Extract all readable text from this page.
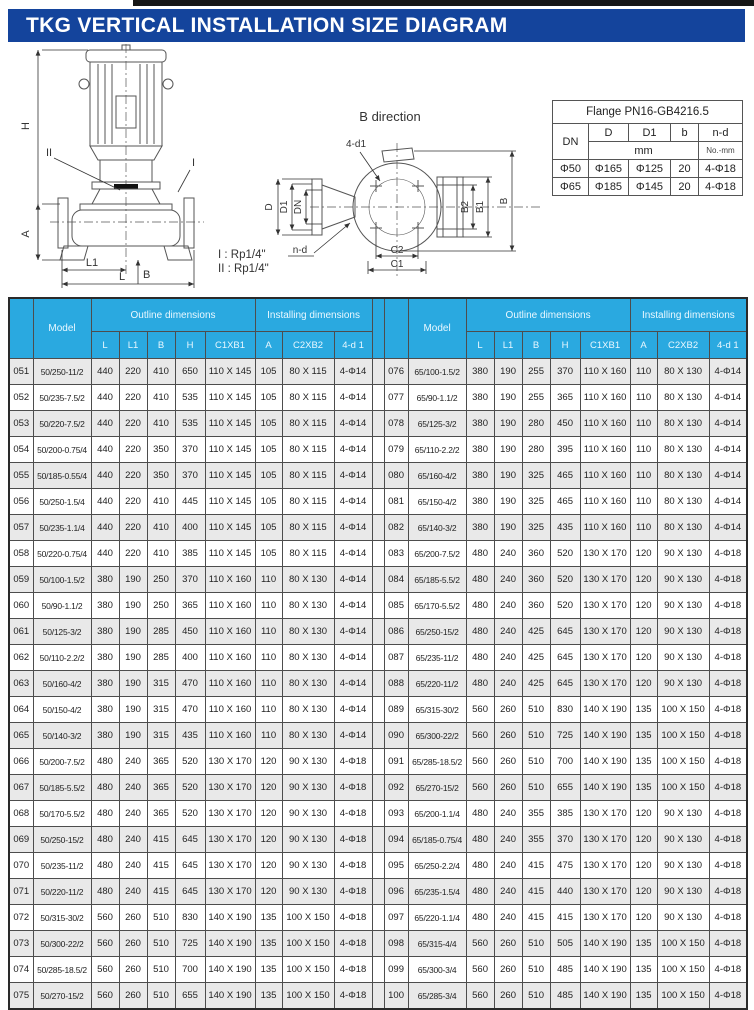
TKG VERTICAL INSTALLATION SIZE DIAGRAM
H
A
L1
L B
II
I
B direction
4-d1
n-d
D D1 DN	B2 B1 B
C2
C1
I : Rp1/4"
II : Rp1/4"
Flange PN16-GB4216.5				
DN	D	D1	b	n-d
	mm			No.-mm
Φ50	Φ165	Φ125	20	4-Φ18
Φ65	Φ185	Φ145	20	4-Φ18
	Model	Outline dimensions					Installing dimensions					Model	Outline dimensions					Installing dimensions		
		L	L1	B	H	C1XB1	A	C2XB2	4-d 1				L	L1	B	H	C1XB1	A	C2XB2	4-d 1
051	50/250-11/2	440	220	410	650	110 X 145	105	80 X 115	4-Φ14		076	65/100-1.5/2	380	190	255	370	110 X 160	110	80 X 130	4-Φ14
052	50/235-7.5/2	440	220	410	535	110 X 145	105	80 X 115	4-Φ14		077	65/90-1.1/2	380	190	255	365	110 X 160	110	80 X 130	4-Φ14
053	50/220-7.5/2	440	220	410	535	110 X 145	105	80 X 115	4-Φ14		078	65/125-3/2	380	190	280	450	110 X 160	110	80 X 130	4-Φ14
054	50/200-0.75/4	440	220	350	370	110 X 145	105	80 X 115	4-Φ14		079	65/110-2.2/2	380	190	280	395	110 X 160	110	80 X 130	4-Φ14
055	50/185-0.55/4	440	220	350	370	110 X 145	105	80 X 115	4-Φ14		080	65/160-4/2	380	190	325	465	110 X 160	110	80 X 130	4-Φ14
056	50/250-1.5/4	440	220	410	445	110 X 145	105	80 X 115	4-Φ14		081	65/150-4/2	380	190	325	465	110 X 160	110	80 X 130	4-Φ14
057	50/235-1.1/4	440	220	410	400	110 X 145	105	80 X 115	4-Φ14		082	65/140-3/2	380	190	325	435	110 X 160	110	80 X 130	4-Φ14
058	50/220-0.75/4	440	220	410	385	110 X 145	105	80 X 115	4-Φ14		083	65/200-7.5/2	480	240	360	520	130 X 170	120	90 X 130	4-Φ18
059	50/100-1.5/2	380	190	250	370	110 X 160	110	80 X 130	4-Φ14		084	65/185-5.5/2	480	240	360	520	130 X 170	120	90 X 130	4-Φ18
060	50/90-1.1/2	380	190	250	365	110 X 160	110	80 X 130	4-Φ14		085	65/170-5.5/2	480	240	360	520	130 X 170	120	90 X 130	4-Φ18
061	50/125-3/2	380	190	285	450	110 X 160	110	80 X 130	4-Φ14		086	65/250-15/2	480	240	425	645	130 X 170	120	90 X 130	4-Φ18
062	50/110-2.2/2	380	190	285	400	110 X 160	110	80 X 130	4-Φ14		087	65/235-11/2	480	240	425	645	130 X 170	120	90 X 130	4-Φ18
063	50/160-4/2	380	190	315	470	110 X 160	110	80 X 130	4-Φ14		088	65/220-11/2	480	240	425	645	130 X 170	120	90 X 130	4-Φ18
064	50/150-4/2	380	190	315	470	110 X 160	110	80 X 130	4-Φ14		089	65/315-30/2	560	260	510	830	140 X 190	135	100 X 150	4-Φ18
065	50/140-3/2	380	190	315	435	110 X 160	110	80 X 130	4-Φ14		090	65/300-22/2	560	260	510	725	140 X 190	135	100 X 150	4-Φ18
066	50/200-7.5/2	480	240	365	520	130 X 170	120	90 X 130	4-Φ18		091	65/285-18.5/2	560	260	510	700	140 X 190	135	100 X 150	4-Φ18
067	50/185-5.5/2	480	240	365	520	130 X 170	120	90 X 130	4-Φ18		092	65/270-15/2	560	260	510	655	140 X 190	135	100 X 150	4-Φ18
068	50/170-5.5/2	480	240	365	520	130 X 170	120	90 X 130	4-Φ18		093	65/200-1.1/4	480	240	355	385	130 X 170	120	90 X 130	4-Φ18
069	50/250-15/2	480	240	415	645	130 X 170	120	90 X 130	4-Φ18		094	65/185-0.75/4	480	240	355	370	130 X 170	120	90 X 130	4-Φ18
070	50/235-11/2	480	240	415	645	130 X 170	120	90 X 130	4-Φ18		095	65/250-2.2/4	480	240	415	475	130 X 170	120	90 X 130	4-Φ18
071	50/220-11/2	480	240	415	645	130 X 170	120	90 X 130	4-Φ18		096	65/235-1.5/4	480	240	415	440	130 X 170	120	90 X 130	4-Φ18
072	50/315-30/2	560	260	510	830	140 X 190	135	100 X 150	4-Φ18		097	65/220-1.1/4	480	240	415	415	130 X 170	120	90 X 130	4-Φ18
073	50/300-22/2	560	260	510	725	140 X 190	135	100 X 150	4-Φ18		098	65/315-4/4	560	260	510	505	140 X 190	135	100 X 150	4-Φ18
074	50/285-18.5/2	560	260	510	700	140 X 190	135	100 X 150	4-Φ18		099	65/300-3/4	560	260	510	485	140 X 190	135	100 X 150	4-Φ18
075	50/270-15/2	560	260	510	655	140 X 190	135	100 X 150	4-Φ18		100	65/285-3/4	560	260	510	485	140 X 190	135	100 X 150	4-Φ18
